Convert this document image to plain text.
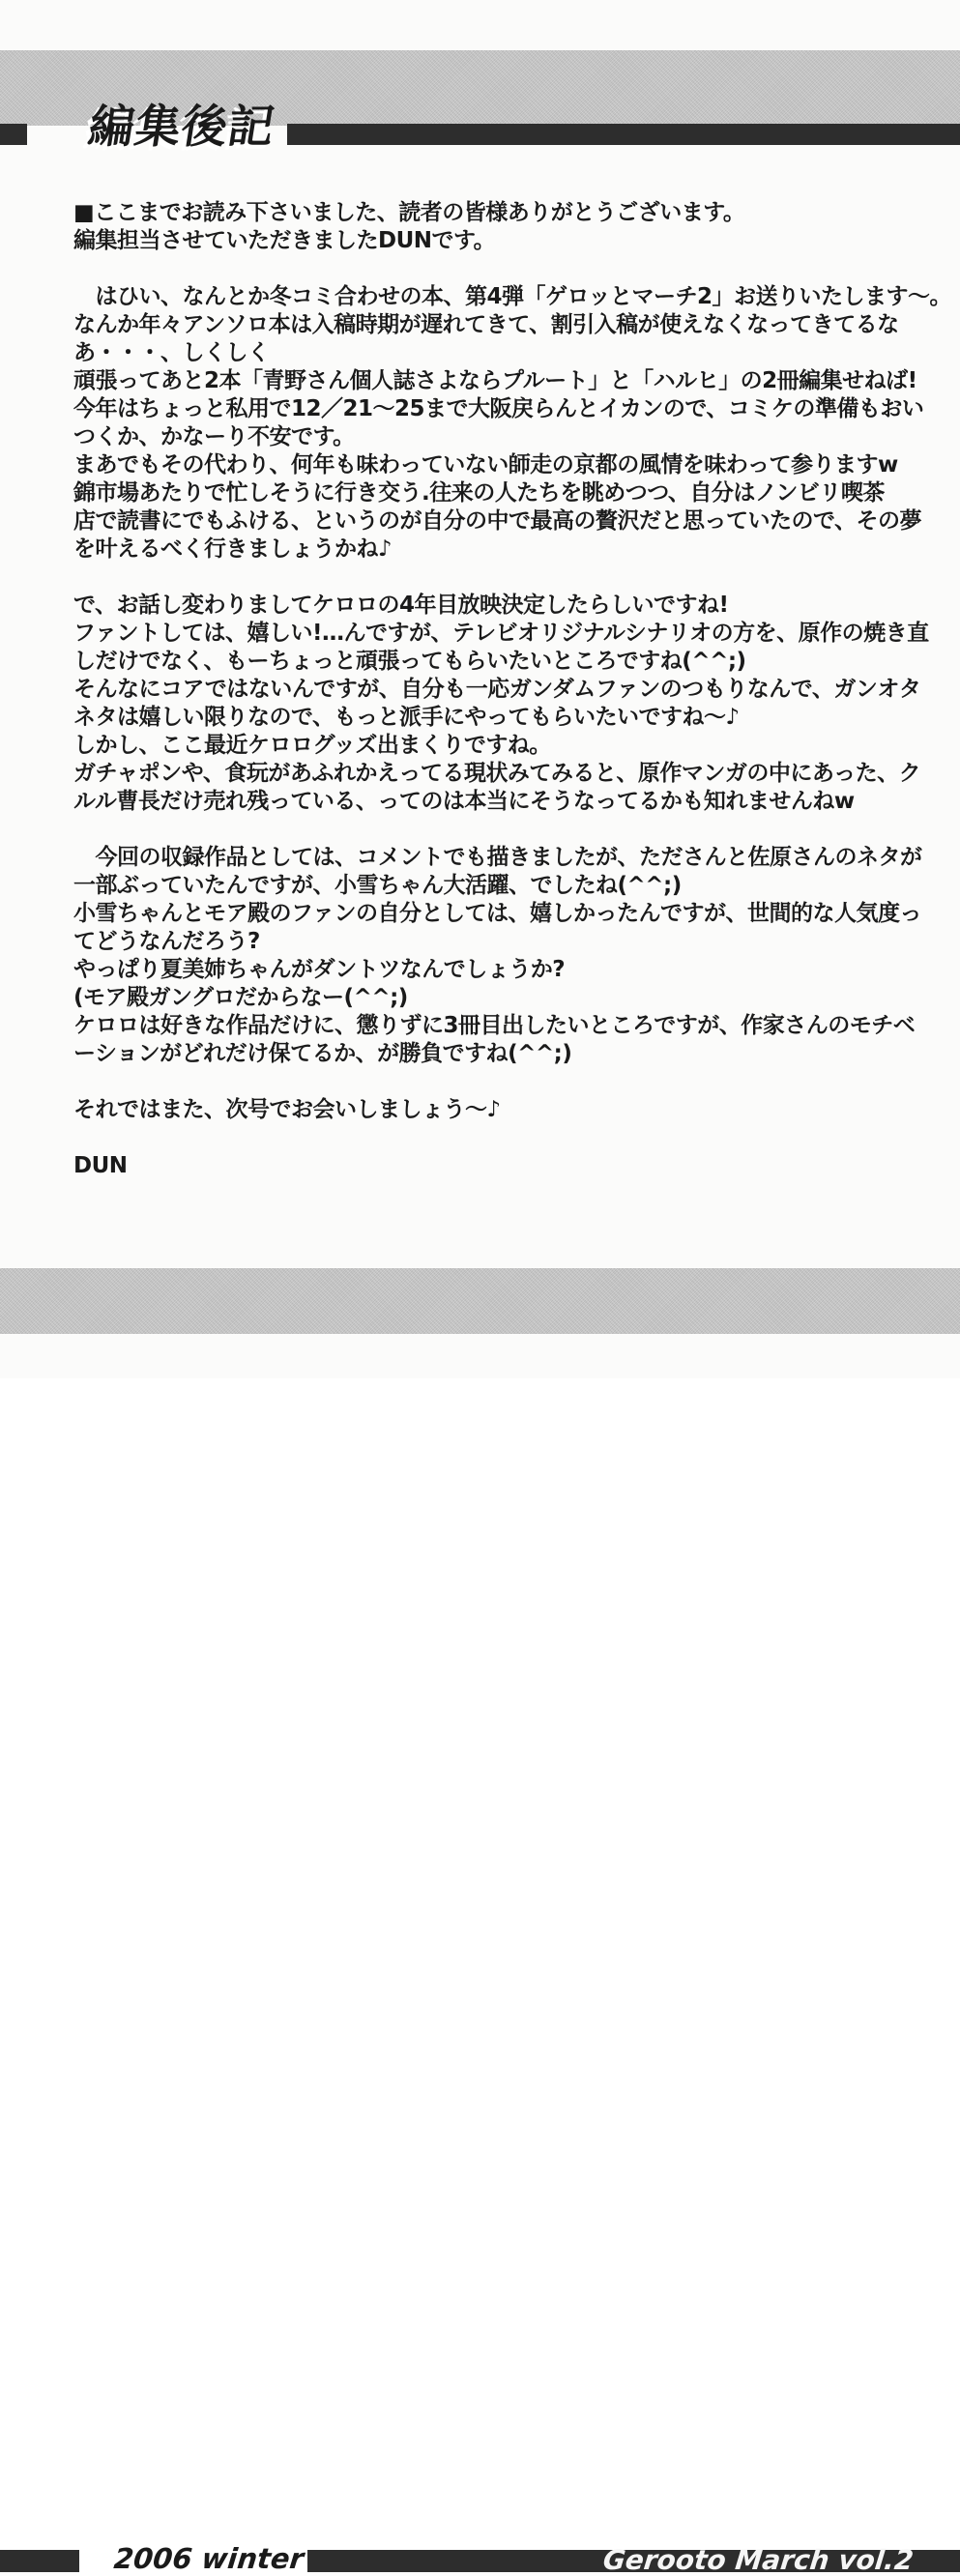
編集後記
■ここまでお読み下さいました、読者の皆様ありがとうございます。
編集担当させていただきましたDUNです。
　はひい、なんとか冬コミ合わせの本、第4弾「ゲロッとマーチ2」お送りいたします～。
なんか年々アンソロ本は入稿時期が遅れてきて、割引入稿が使えなくなってきてるな
あ・・・、しくしく
頑張ってあと2本「青野さん個人誌さよならプルート」と「ハルヒ」の2冊編集せねば!
今年はちょっと私用で12／21～25まで大阪戻らんとイカンので、コミケの準備もおい
つくか、かなーり不安です。
まあでもその代わり、何年も味わっていない師走の京都の風情を味わって参りますw
錦市場あたりで忙しそうに行き交う.往来の人たちを眺めつつ、自分はノンビリ喫茶
店で読書にでもふける、というのが自分の中で最高の贅沢だと思っていたので、その夢
を叶えるべく行きましょうかね♪
で、お話し変わりましてケロロの4年目放映決定したらしいですね!
ファントしては、嬉しい!…んですが、テレビオリジナルシナリオの方を、原作の焼き直
しだけでなく、もーちょっと頑張ってもらいたいところですね(^^;)
そんなにコアではないんですが、自分も一応ガンダムファンのつもりなんで、ガンオタ
ネタは嬉しい限りなので、もっと派手にやってもらいたいですね～♪
しかし、ここ最近ケロログッズ出まくりですね。
ガチャポンや、食玩があふれかえってる現状みてみると、原作マンガの中にあった、ク
ルル曹長だけ売れ残っている、ってのは本当にそうなってるかも知れませんねw
　今回の収録作品としては、コメントでも描きましたが、たださんと佐原さんのネタが
一部ぶっていたんですが、小雪ちゃん大活躍、でしたね(^^;)
小雪ちゃんとモア殿のファンの自分としては、嬉しかったんですが、世間的な人気度っ
てどうなんだろう?
やっぱり夏美姉ちゃんがダントツなんでしょうか?
(モア殿ガングロだからなー(^^;)
ケロロは好きな作品だけに、懲りずに3冊目出したいところですが、作家さんのモチベ
ーションがどれだけ保てるか、が勝負ですね(^^;)
それではまた、次号でお会いしましょう～♪
DUN
2006 winter	Gerooto March vol.2
